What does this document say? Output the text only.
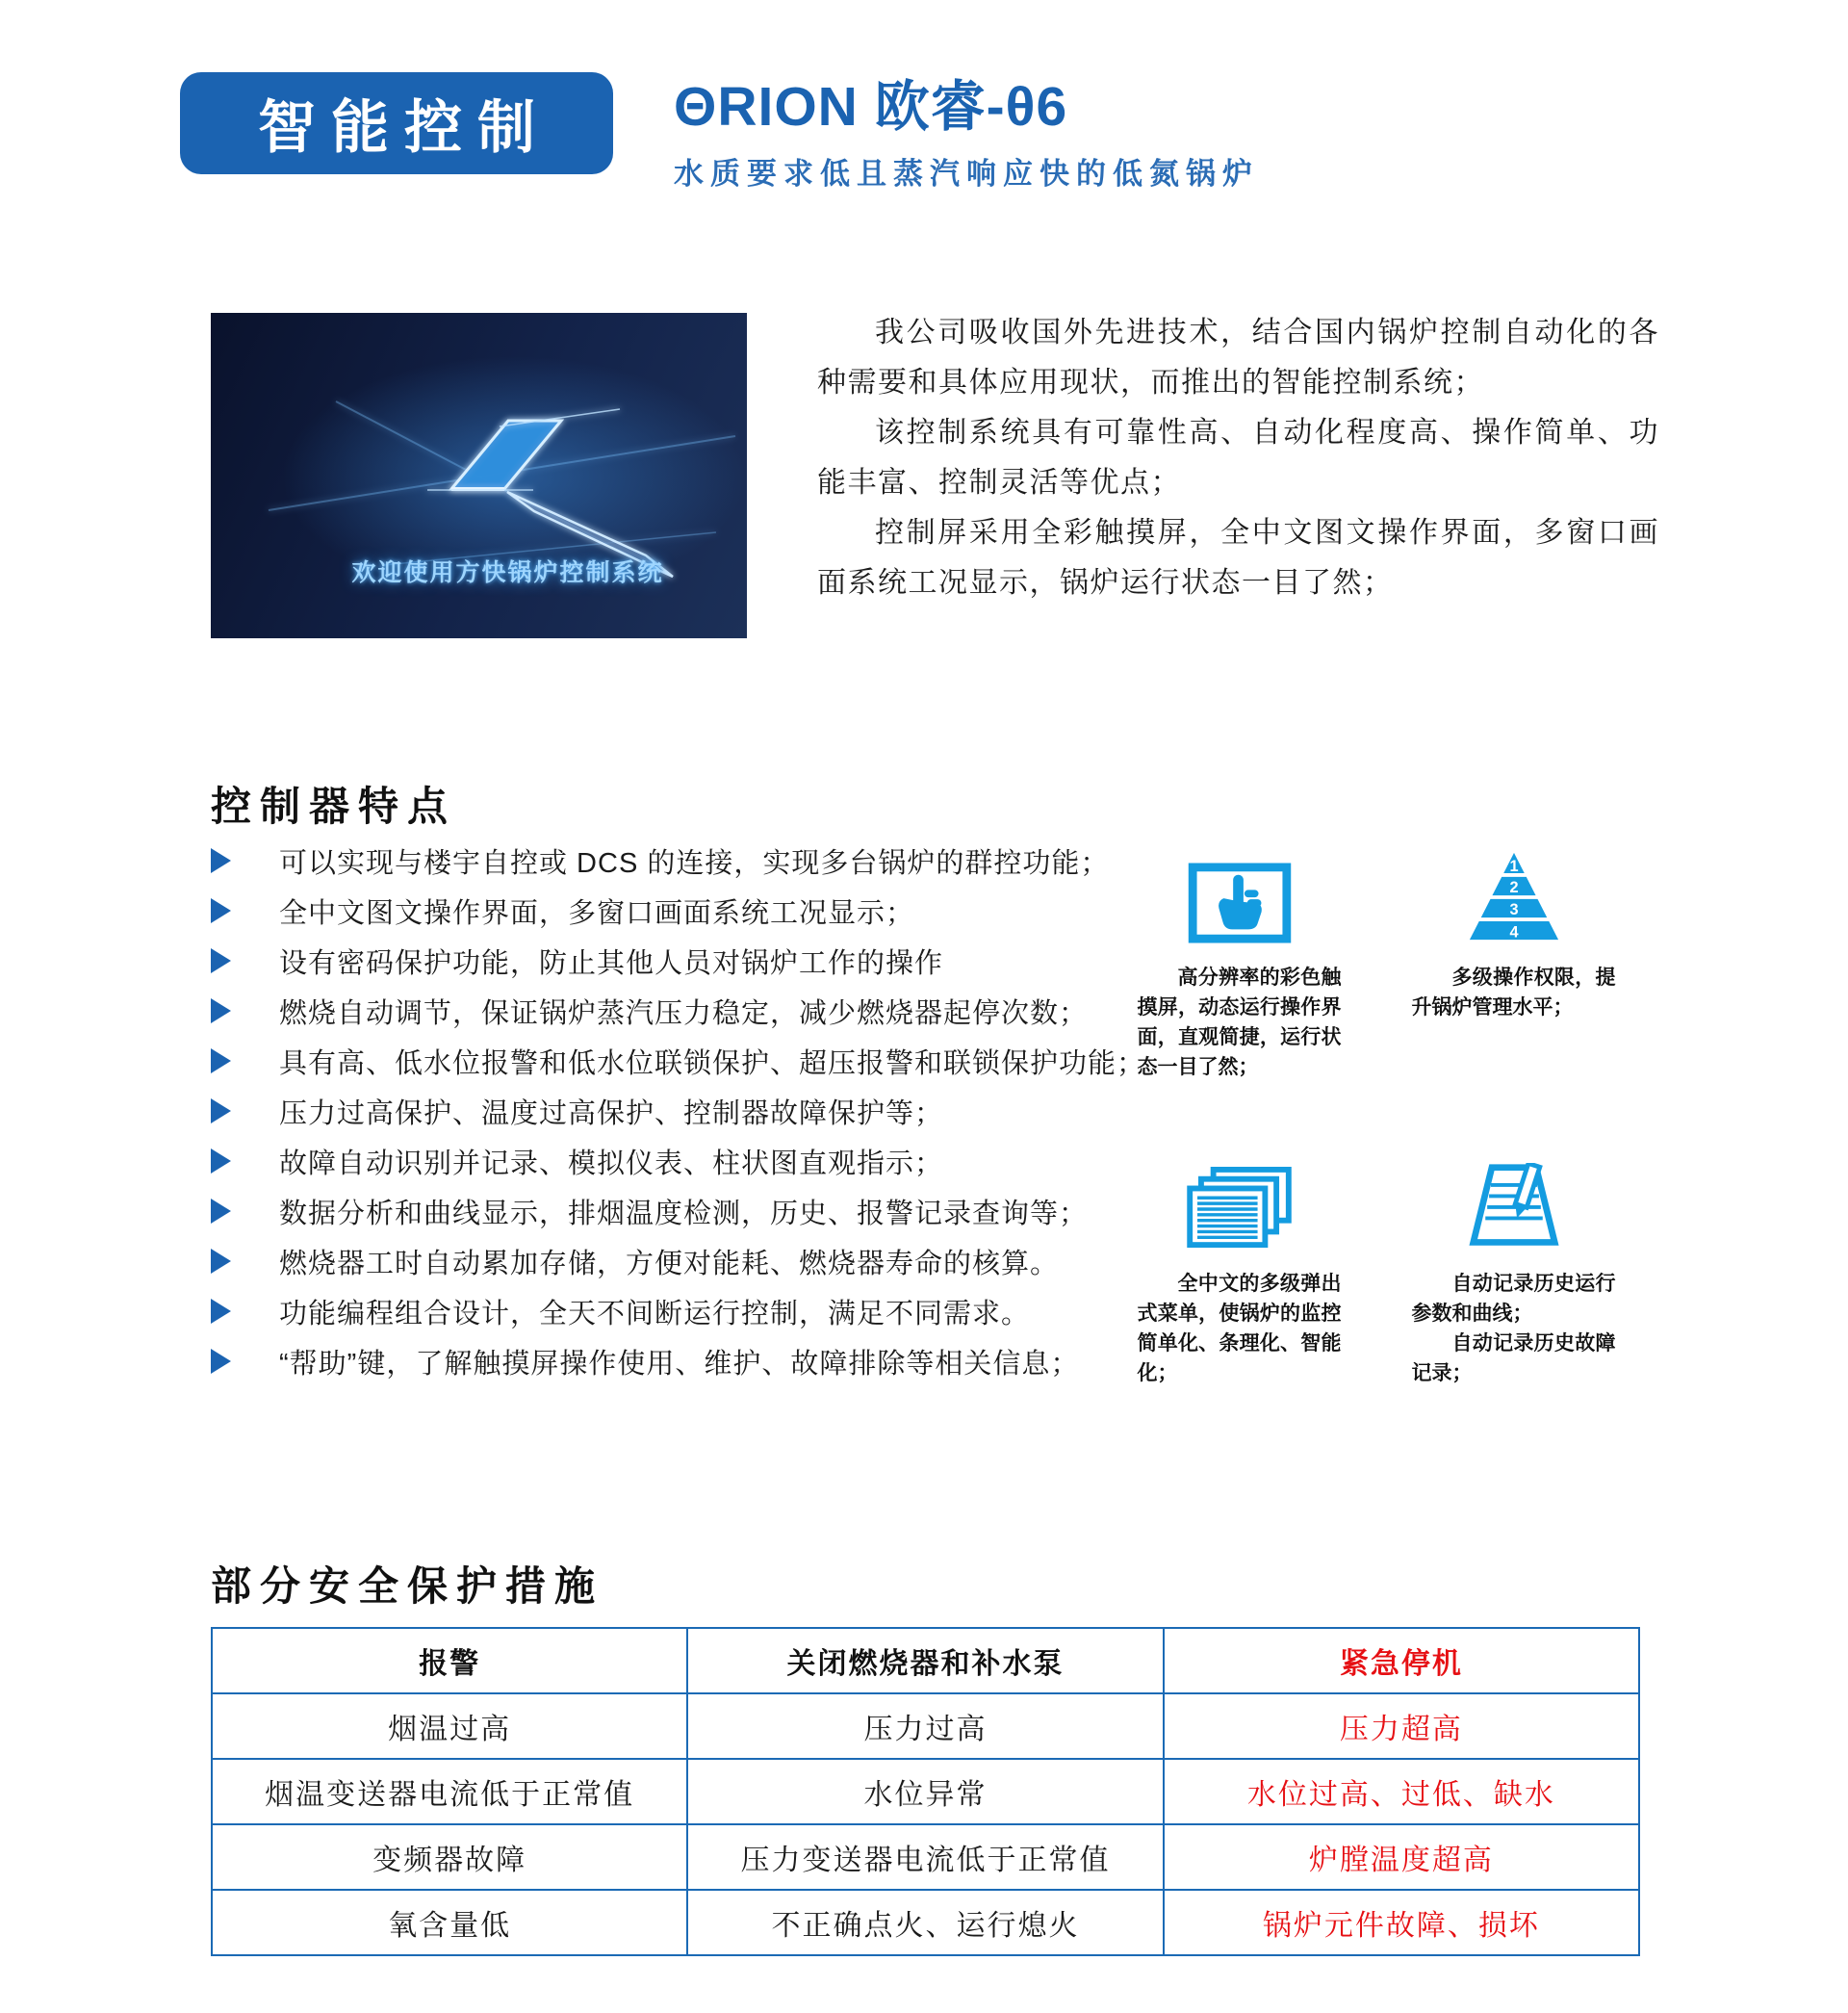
智能控制	ΘRION 欧睿-θ6
水质要求低且蒸汽响应快的低氮锅炉
欢迎使用方快锅炉控制系统

我公司吸收国外先进技术，结合国内锅炉控制自动化的各种需要和具体应用现状，而推出的智能控制系统；

该控制系统具有可靠性高、自动化程度高、操作简单、功能丰富、控制灵活等优点；

控制屏采用全彩触摸屏，全中文图文操作界面，多窗口画面系统工况显示，锅炉运行状态一目了然；

控制器特点
可以实现与楼宇自控或 DCS 的连接，实现多台锅炉的群控功能；
全中文图文操作界面，多窗口画面系统工况显示；
设有密码保护功能，防止其他人员对锅炉工作的操作
燃烧自动调节，保证锅炉蒸汽压力稳定，减少燃烧器起停次数；
具有高、低水位报警和低水位联锁保护、超压报警和联锁保护功能；
压力过高保护、温度过高保护、控制器故障保护等；
故障自动识别并记录、模拟仪表、柱状图直观指示；
数据分析和曲线显示，排烟温度检测，历史、报警记录查询等；
燃烧器工时自动累加存储，方便对能耗、燃烧器寿命的核算。
功能编程组合设计，全天不间断运行控制，满足不同需求。
“帮助”键，了解触摸屏操作使用、维护、故障排除等相关信息；

高分辨率的彩色触摸屏，动态运行操作界面，直观简捷，运行状态一目了然；

1
2
3
4

多级操作权限，提升锅炉管理水平；

全中文的多级弹出式菜单，使锅炉的监控简单化、条理化、智能化；

自动记录历史运行参数和曲线；

自动记录历史故障记录；

部分安全保护措施
报警	关闭燃烧器和补水泵	紧急停机
烟温过高	压力过高	压力超高
烟温变送器电流低于正常值	水位异常	水位过高、过低、缺水
变频器故障	压力变送器电流低于正常值	炉膛温度超高
氧含量低	不正确点火、运行熄火	锅炉元件故障、损坏
